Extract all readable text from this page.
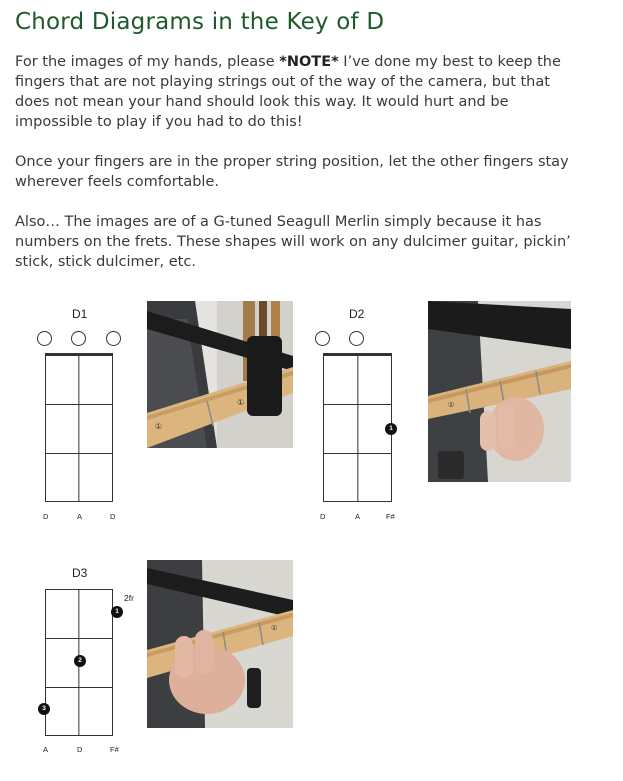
Chord Diagrams in the Key of D

For the images of my hands, please *NOTE* I’ve done my best to keep the fingers that are not playing strings out of the way of the camera, but that does not mean your hand should look this way. It would hurt and be impossible to play if you had to do this!

Once your fingers are in the proper string position, let the other fingers stay wherever feels comfortable.

Also… The images are of a G-tuned Seagull Merlin simply because it has numbers on the frets. These shapes will work on any dulcimer guitar, pickin’ stick, stick dulcimer, etc.

D1
D	A	D
①
①
D2
1
D	A	F#
①
D3
2fr
1
2
3
A	D	F#
①
